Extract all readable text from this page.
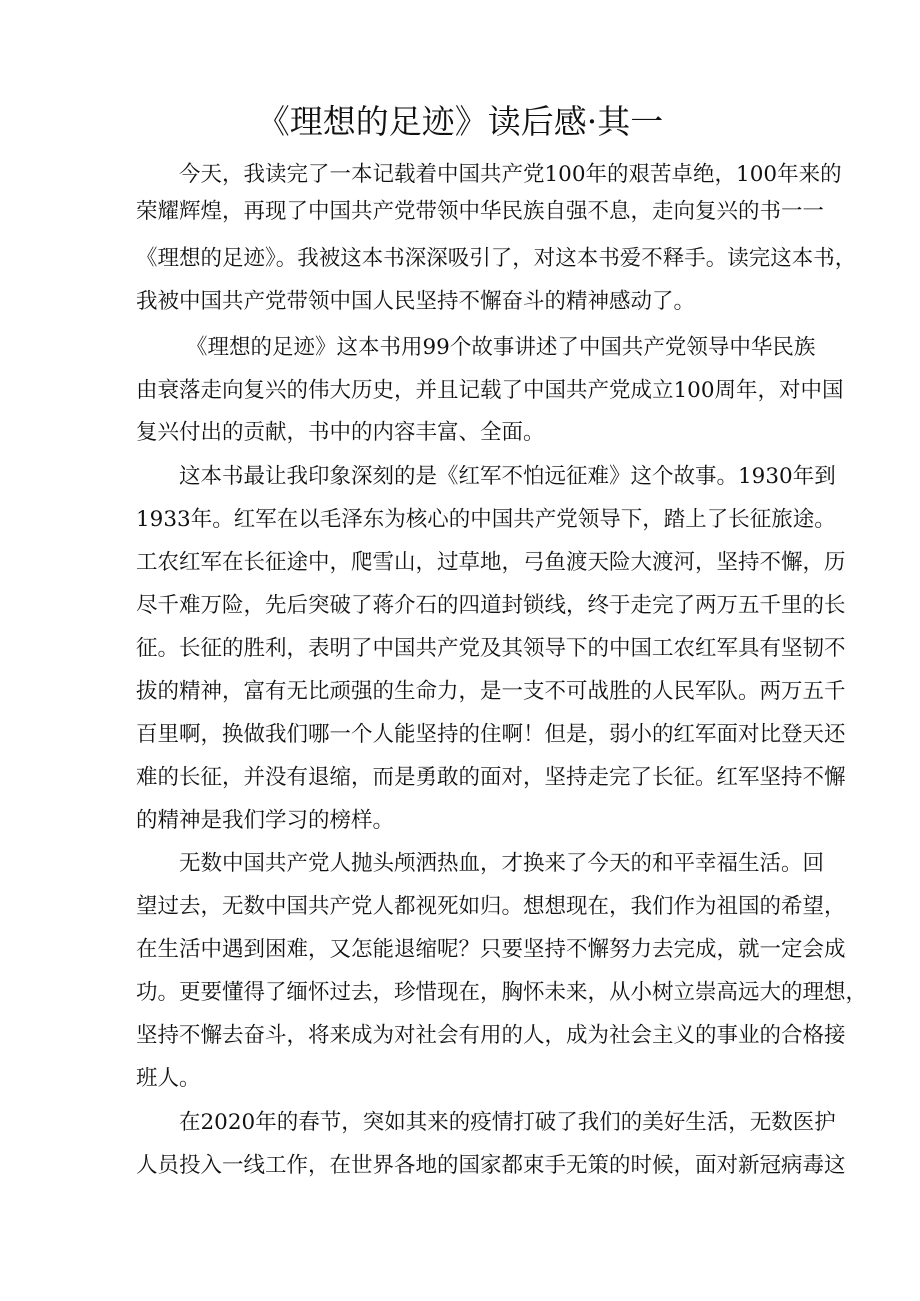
《理想的足迹》读后感·其一
今天，我读完了一本记载着中国共产党100年的艰苦卓绝，100年来的
荣耀辉煌，再现了中国共产党带领中华民族自强不息，走向复兴的书一一
《理想的足迹》。我被这本书深深吸引了，对这本书爱不释手。读完这本书，
我被中国共产党带领中国人民坚持不懈奋斗的精神感动了。
《理想的足迹》这本书用99个故事讲述了中国共产党领导中华民族
由衰落走向复兴的伟大历史，并且记载了中国共产党成立100周年，对中国
复兴付出的贡献，书中的内容丰富、全面。
这本书最让我印象深刻的是《红军不怕远征难》这个故事。1930年到
1933年。红军在以毛泽东为核心的中国共产党领导下，踏上了长征旅途。
工农红军在长征途中，爬雪山，过草地，弓鱼渡天险大渡河，坚持不懈，历
尽千难万险，先后突破了蒋介石的四道封锁线，终于走完了两万五千里的长
征。长征的胜利，表明了中国共产党及其领导下的中国工农红军具有坚韧不
拔的精神，富有无比顽强的生命力，是一支不可战胜的人民军队。两万五千
百里啊，换做我们哪一个人能坚持的住啊！但是，弱小的红军面对比登天还
难的长征，并没有退缩，而是勇敢的面对，坚持走完了长征。红军坚持不懈
的精神是我们学习的榜样。
无数中国共产党人抛头颅洒热血，才换来了今天的和平幸福生活。回
望过去，无数中国共产党人都视死如归。想想现在，我们作为祖国的希望，
在生活中遇到困难，又怎能退缩呢？只要坚持不懈努力去完成，就一定会成
功。更要懂得了缅怀过去，珍惜现在，胸怀未来，从小树立崇高远大的理想，
坚持不懈去奋斗，将来成为对社会有用的人，成为社会主义的事业的合格接
班人。
在2020年的春节，突如其来的疫情打破了我们的美好生活，无数医护
人员投入一线工作，在世界各地的国家都束手无策的时候，面对新冠病毒这
